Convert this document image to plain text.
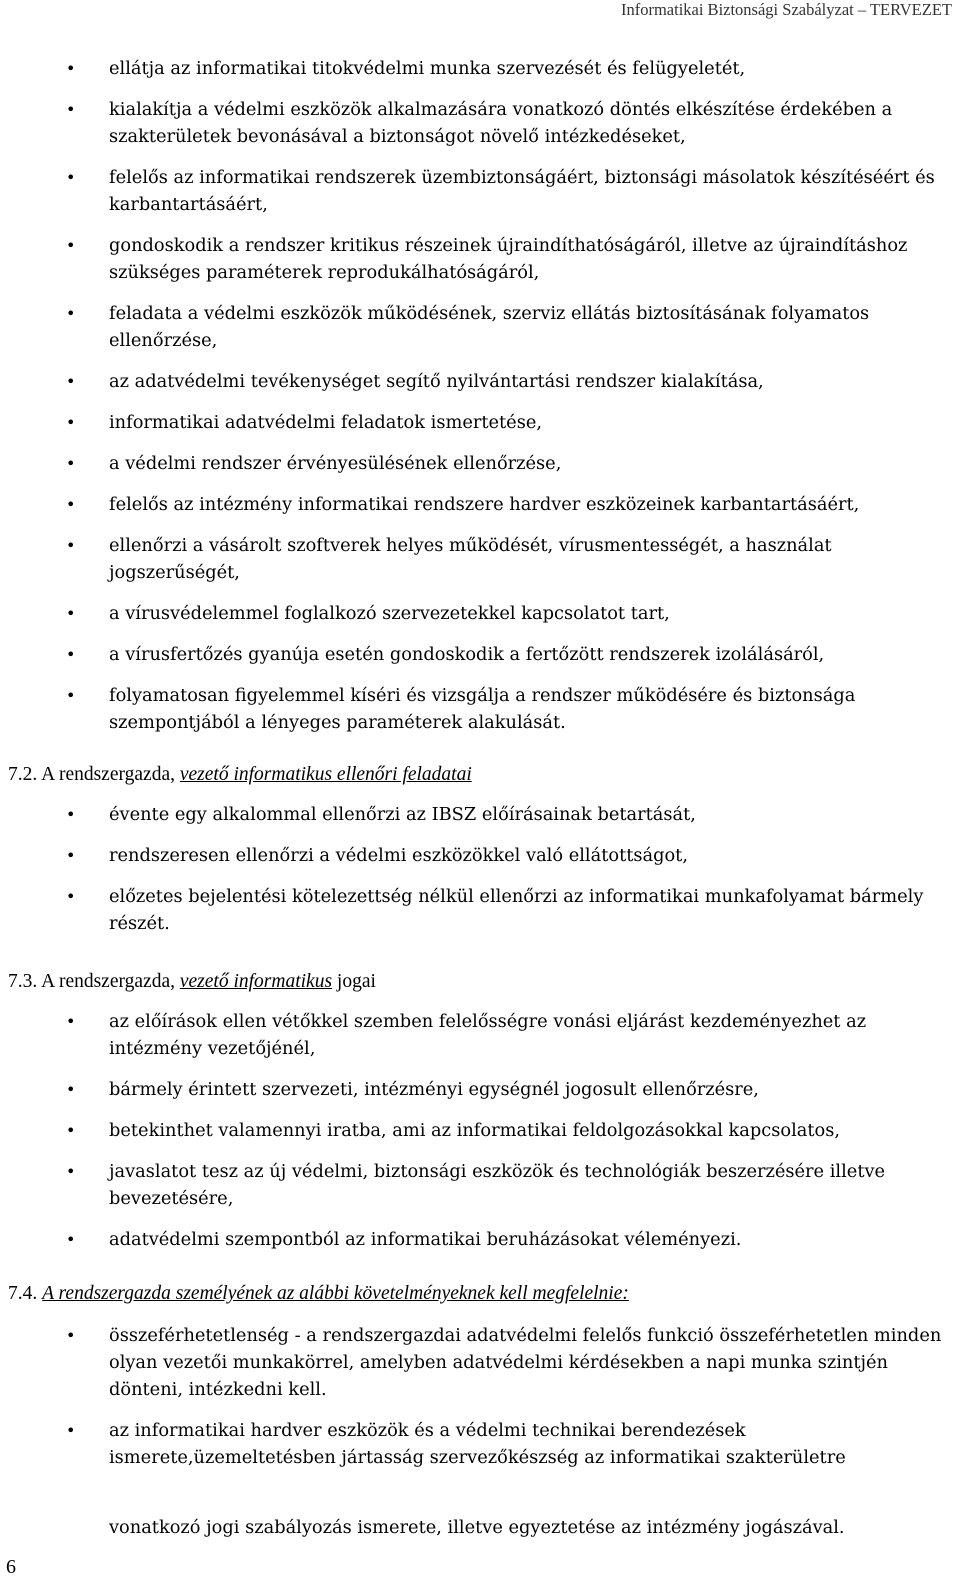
Informatikai Biztonsági Szabályzat – TERVEZET
• ellátja az informatikai titokvédelmi munka szervezését és felügyeletét,
• kialakítja a védelmi eszközök alkalmazására vonatkozó döntés elkészítése érdekében a szakterületek bevonásával a biztonságot növelő intézkedéseket,
• felelős az informatikai rendszerek üzembiztonságáért, biztonsági másolatok készítéséért és karbantartásáért,
• gondoskodik a rendszer kritikus részeinek újraindíthatóságáról, illetve az újraindításhoz szükséges paraméterek reprodukálhatóságáról,
• feladata a védelmi eszközök működésének, szerviz ellátás biztosításának folyamatos ellenőrzése,
• az adatvédelmi tevékenységet segítő nyilvántartási rendszer kialakítása,
• informatikai adatvédelmi feladatok ismertetése,
• a védelmi rendszer érvényesülésének ellenőrzése,
• felelős az intézmény informatikai rendszere hardver eszközeinek karbantartásáért,
• ellenőrzi a vásárolt szoftverek helyes működését, vírusmentességét, a használat jogszerűségét,
• a vírusvédelemmel foglalkozó szervezetekkel kapcsolatot tart,
• a vírusfertőzés gyanúja esetén gondoskodik a fertőzött rendszerek izolálásáról,
• folyamatosan figyelemmel kíséri és vizsgálja a rendszer működésére és biztonsága szempontjából a lényeges paraméterek alakulását.
7.2. A rendszergazda, vezető informatikus ellenőri feladatai
• évente egy alkalommal ellenőrzi az IBSZ előírásainak betartását,
• rendszeresen ellenőrzi a védelmi eszközökkel való ellátottságot,
• előzetes bejelentési kötelezettség nélkül ellenőrzi az informatikai munkafolyamat bármely részét.
7.3. A rendszergazda, vezető informatikus jogai
• az előírások ellen vétőkkel szemben felelősségre vonási eljárást kezdeményezhet az intézmény vezetőjénél,
• bármely érintett szervezeti, intézményi egységnél jogosult ellenőrzésre,
• betekinthet valamennyi iratba, ami az informatikai feldolgozásokkal kapcsolatos,
• javaslatot tesz az új védelmi, biztonsági eszközök és technológiák beszerzésére illetve bevezetésére,
• adatvédelmi szempontból az informatikai beruházásokat véleményezi.
7.4. A rendszergazda személyének az alábbi követelményeknek kell megfelelnie:
• összeférhetetlenség - a rendszergazdai adatvédelmi felelős funkció összeférhetetlen minden olyan vezetői munkakörrel, amelyben adatvédelmi kérdésekben a napi munka szintjén dönteni, intézkedni kell.
• az informatikai hardver eszközök és a védelmi technikai berendezések ismerete,üzemeltetésben jártasság szervezőkészség az informatikai szakterületre
vonatkozó jogi szabályozás ismerete, illetve egyeztetése az intézmény jogászával.
6
